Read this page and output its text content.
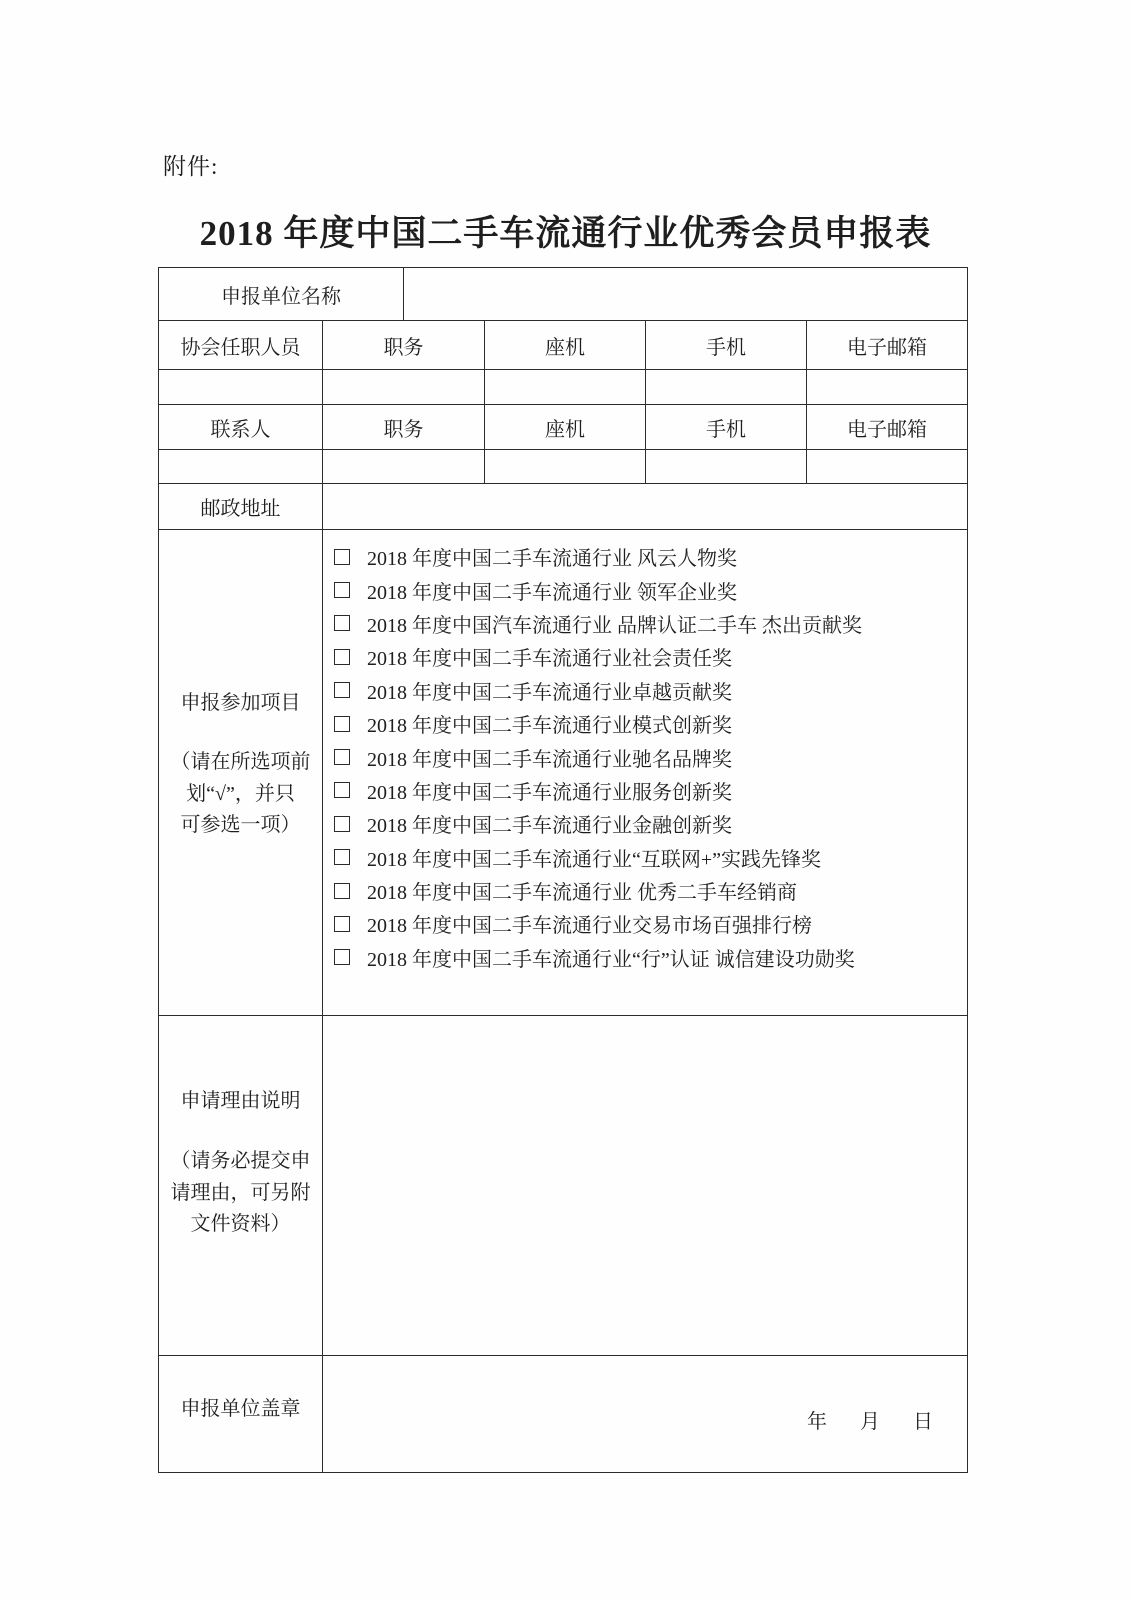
附件:
2018 年度中国二手车流通行业优秀会员申报表
申报单位名称					
协会任职人员	职务		座机	手机	电子邮箱

联系人	职务		座机	手机	电子邮箱

邮政地址					

申报参加项目
（请在所选项前
划“√”，并只
可参选一项）

2018 年度中国二手车流通行业 风云人物奖
2018 年度中国二手车流通行业 领军企业奖
2018 年度中国汽车流通行业 品牌认证二手车 杰出贡献奖
2018 年度中国二手车流通行业社会责任奖
2018 年度中国二手车流通行业卓越贡献奖
2018 年度中国二手车流通行业模式创新奖
2018 年度中国二手车流通行业驰名品牌奖
2018 年度中国二手车流通行业服务创新奖
2018 年度中国二手车流通行业金融创新奖
2018 年度中国二手车流通行业“互联网+”实践先锋奖
2018 年度中国二手车流通行业 优秀二手车经销商
2018 年度中国二手车流通行业交易市场百强排行榜
2018 年度中国二手车流通行业“行”认证 诚信建设功勋奖

申请理由说明
（请务必提交申
请理由，可另附
文件资料）					

申报单位盖章	年 月 日				
